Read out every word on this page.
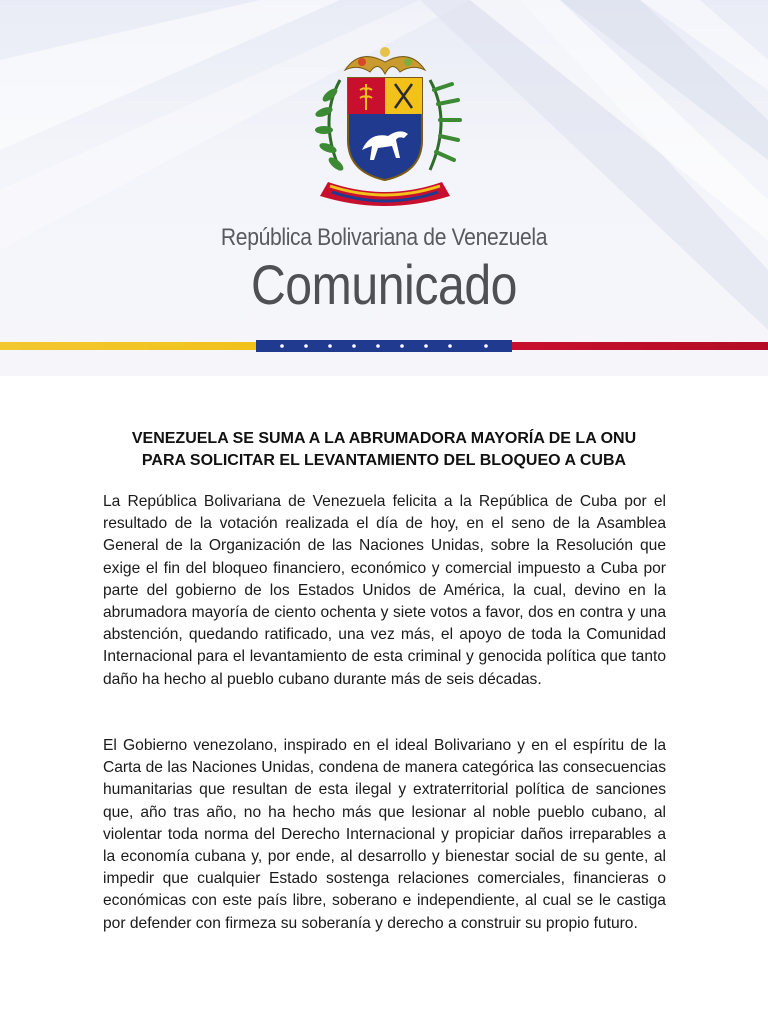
República Bolivariana de Venezuela
Comunicado
VENEZUELA SE SUMA A LA ABRUMADORA MAYORÍA DE LA ONU
PARA SOLICITAR EL LEVANTAMIENTO DEL BLOQUEO A CUBA

La República Bolivariana de Venezuela felicita a la República de Cuba por el resultado de la votación realizada el día de hoy, en el seno de la Asamblea General de la Organización de las Naciones Unidas, sobre la Resolución que exige el fin del bloqueo financiero, económico y comercial impuesto a Cuba por parte del gobierno de los Estados Unidos de América, la cual, devino en la abrumadora mayoría de ciento ochenta y siete votos a favor, dos en contra y una abstención, quedando ratificado, una vez más, el apoyo de toda la Comunidad Internacional para el levantamiento de esta criminal y genocida política que tanto daño ha hecho al pueblo cubano durante más de seis décadas.

El Gobierno venezolano, inspirado en el ideal Bolivariano y en el espíritu de la Carta de las Naciones Unidas, condena de manera categórica las consecuencias humanitarias que resultan de esta ilegal y extraterritorial política de sanciones que, año tras año, no ha hecho más que lesionar al noble pueblo cubano, al violentar toda norma del Derecho Internacional y propiciar daños irreparables a la economía cubana y, por ende, al desarrollo y bienestar social de su gente, al impedir que cualquier Estado sostenga relaciones comerciales, financieras o económicas con este país libre, soberano e independiente, al cual se le castiga por defender con firmeza su soberanía y derecho a construir su propio futuro.
